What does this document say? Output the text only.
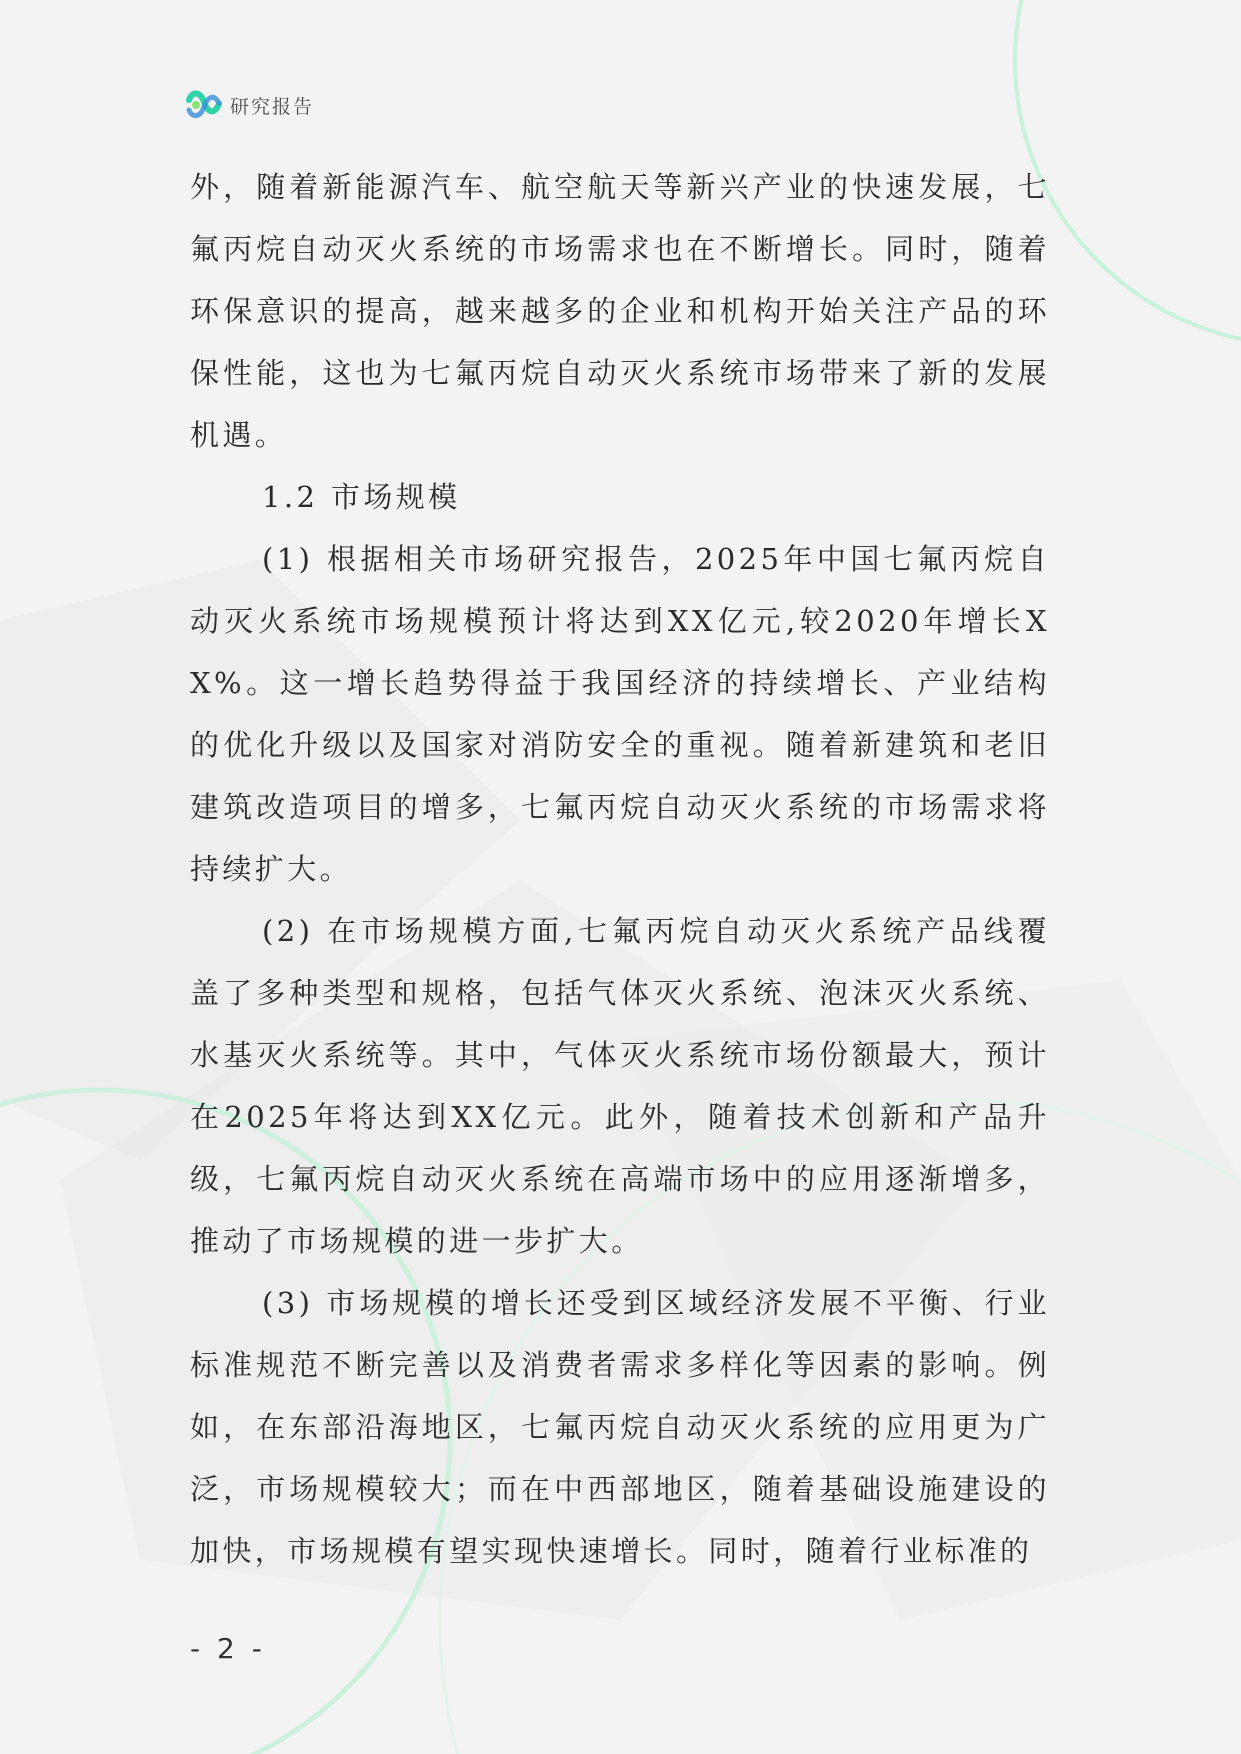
研究报告

外，随着新能源汽车、航空航天等新兴产业的快速发展，七氟丙烷自动灭火系统的市场需求也在不断增长。同时，随着环保意识的提高，越来越多的企业和机构开始关注产品的环保性能，这也为七氟丙烷自动灭火系统市场带来了新的发展机遇。

1.2 市场规模

(1) 根据相关市场研究报告，2025年中国七氟丙烷自动灭火系统市场规模预计将达到XX亿元,较2020年增长XX%。这一增长趋势得益于我国经济的持续增长、产业结构的优化升级以及国家对消防安全的重视。随着新建筑和老旧建筑改造项目的增多，七氟丙烷自动灭火系统的市场需求将持续扩大。

(2) 在市场规模方面,七氟丙烷自动灭火系统产品线覆盖了多种类型和规格，包括气体灭火系统、泡沫灭火系统、水基灭火系统等。其中，气体灭火系统市场份额最大，预计在2025年将达到XX亿元。此外，随着技术创新和产品升级，七氟丙烷自动灭火系统在高端市场中的应用逐渐增多，推动了市场规模的进一步扩大。

(3) 市场规模的增长还受到区域经济发展不平衡、行业标准规范不断完善以及消费者需求多样化等因素的影响。例如，在东部沿海地区，七氟丙烷自动灭火系统的应用更为广泛，市场规模较大；而在中西部地区，随着基础设施建设的加快，市场规模有望实现快速增长。同时，随着行业标准的

- 2 -
